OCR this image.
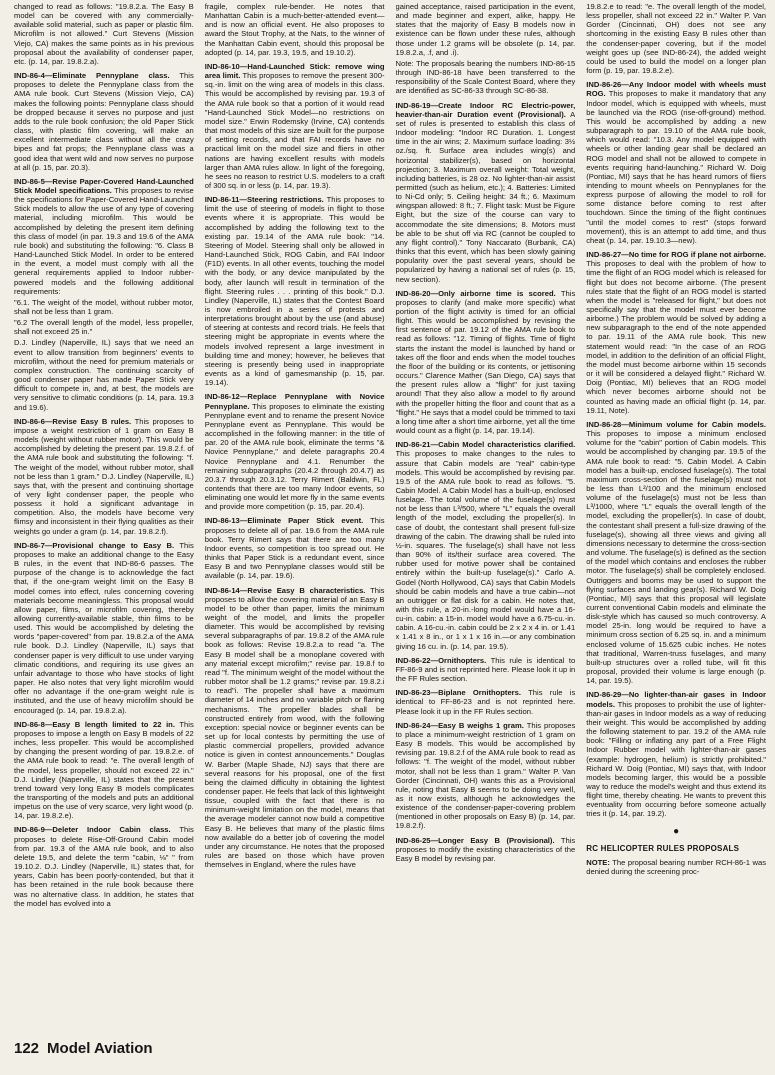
changed to read as follows: "19.8.2.a. The Easy B model can be covered with any commercially-available solid material, such as paper or plastic film. Microfilm is not allowed." Curt Stevens (Mission Viejo, CA) makes the same points as in his previous proposal about the availability of condenser paper, etc. (p. 14, par. 19.8.2.a).

IND-86-4—Eliminate Pennyplane class. This proposes to delete the Pennyplane class from the AMA rule book. Curt Stevens (Mission Viejo, CA) makes the following points: Pennyplane class should be dropped because it serves no purpose and just adds to the rule book confusion; the old Paper Stick class, with plastic film covering, will make an excellent intermediate class without all the crazy bipes and fat props; the Pennyplane class was a good idea that went wild and now serves no purpose at all (p. 15, par. 20.3).

IND-86-5—Revise Paper-Covered Hand-Launched Stick Model specifications. This proposes to revise the specifications for Paper-Covered Hand-Launched Stick models to allow the use of any type of covering material, including microfilm. This would be accomplished by deleting the present item defining this class of model (in par. 19.3 and 19.6 of the AMA rule book) and substituting the following: "6. Class B Hand-Launched Stick Model. In order to be entered in the event, a model must comply with all the general requirements applied to Indoor rubber-powered models and the following additional requirements:

"6.1. The weight of the model, without rubber motor, shall not be less than 1 gram.

"6.2 The overall length of the model, less propeller, shall not exceed 25 in."

D.J. Lindley (Naperville, IL) says that we need an event to allow transition from beginners' events to microfilm, without the need for premium materials or complex construction. The continuing scarcity of good condenser paper has made Paper Stick very difficult to compete in, and, at best, the models are very sensitive to climatic conditions (p. 14, para. 19.3 and 19.6).

IND-86-6—Revise Easy B rules. This proposes to impose a weight restriction of 1 gram on Easy B models (weight without rubber motor). This would be accomplished by deleting the present par. 19.8.2.f. of the AMA rule book and substituting the following: "f. The weight of the model, without rubber motor, shall not be less than 1 gram." D.J. Lindley (Naperville, IL) says that, with the present and continuing shortage of very light condenser paper, the people who possess it hold a significant advantage in competition. Also, the models have become very flimsy and inconsistent in their flying qualities as their weights go under a gram (p. 14, par. 19.8.2.f).

IND-86-7—Provisional change to Easy B. This proposes to make an additional change to the Easy B rules, in the event that IND-86-6 passes. The purpose of the change is to acknowledge the fact that, if the one-gram weight limit on the Easy B model comes into effect, rules concerning covering materials become meaningless. This proposal would allow paper, films, or microfilm covering, thereby allowing currently-available stable, thin films to be used. This would be accomplished by deleting the words "paper-covered" from par. 19.8.2.a of the AMA rule book. D.J. Lindley (Naperville, IL) says that condenser paper is very difficult to use under varying climatic conditions, and requiring its use gives an unfair advantage to those who have stocks of light paper. He also notes that very light microfilm would offer no advantage if the one-gram weight rule is instituted, and the use of heavy microfilm should be encouraged (p. 14, par. 19.8.2.a).

IND-86-8—Easy B length limited to 22 in. This proposes to impose a length on Easy B models of 22 inches, less propeller. This would be accomplished by changing the present wording of par. 19.8.2.e. of the AMA rule book to read: "e. The overall length of the model, less propeller, should not exceed 22 in." D.J. Lindley (Naperville, IL) states that the present trend toward very long Easy B models complicates the transporting of the models and puts an additional impetus on the use of very scarce, very light wood (p. 14, par. 19.8.2.e).

IND-86-9—Deleter Indoor Cabin class. This proposes to delete Rise-Off-Ground Cabin model from par. 19.3 of the AMA rule book, and to also delete 19.5, and delete the term "cabin, ⅛" " from 19.10.2. D.J. Lindley (Naperville, IL) states that, for years, Cabin has been poorly-contended, but that it has been retained in the rule book because there was no alternative class. In addition, he states that the model has evolved into a

fragile, complex rule-bender. He notes that Manhattan Cabin is a much-better-attended event—and is now an official event. He also proposes to award the Stout Trophy, at the Nats, to the winner of the Manhattan Cabin event, should this proposal be adopted (p. 14, par. 19.3, 19.5, and 19.10.2).

IND-86-10—Hand-Launched Stick: remove wing area limit. This proposes to remove the present 300-sq.-in. limit on the wing area of models in this class. This would be accomplished by revising par. 19.3 of the AMA rule book so that a portion of it would read "Hand-Launched Stick Model—no restrictions on model size." Erwin Rodemsky (Irvine, CA) contends that most models of this size are built for the purpose of setting records, and that FAI records have no practical limit on the model size and fliers in other nations are having excellent results with models larger than AMA rules allow. In light of the foregoing, he sees no reason to restrict U.S. modelers to a craft of 300 sq. in or less (p. 14, par. 19.3).

IND-86-11—Steering restrictions. This proposes to limit the use of steering of models in flight to those events where it is appropriate. This would be accomplished by adding the following text to the existing par. 19.14 of the AMA rule book: "14. Steering of Model. Steering shall only be allowed in Hand-Launched Stick, ROG Cabin, and FAI Indoor (F1D) events. In all other events, touching the model with the body, or any device manipulated by the body, after launch will result in termination of the flight. Steering rules . . . printing of this book." D.J. Lindley (Naperville, IL) states that the Contest Board is now embroiled in a series of protests and interpretations brought about by the use (and abuse) of steering at contests and record trials. He feels that steering might be appropriate in events where the models involved represent a large investment in building time and money; however, he believes that steering is presently being used in inappropriate events as a kind of gamesmanship (p. 15, par. 19.14).

IND-86-12—Replace Pennyplane with Novice Pennyplane. This proposes to eliminate the existing Pennyplane event and to rename the present Novice Pennyplane event as Pennyplane. This would be accomplished in the following manner: in the title of par. 20 of the AMA rule book, eliminate the terms "& Novice Pennyplane," and delete paragraphs 20.4 Novice Pennyplane and 4.1. Renumber the remaining subparagraphs (20.4.2 through 20.4.7) as 20.3.7 through 20.3.12. Terry Rimert (Baldwin, FL) contends that there are too many Indoor events, so eliminating one would let more fly in the same events and provide more competition (p. 15, par. 20.4).

IND-86-13—Eliminate Paper Stick event. This proposes to delete all of par. 19.6 from the AMA rule book. Terry Rimert says that there are too many Indoor events, so competition is too spread out. He thinks that Paper Stick is a redundant event, since Easy B and two Pennyplane classes would still be available (p. 14, par. 19.6).

IND-86-14—Revise Easy B characteristics. This proposes to allow the covering material of an Easy B model to be other than paper, limits the minimum weight of the model, and limits the propeller diameter. This would be accomplished by revising several subparagraphs of par. 19.8.2 of the AMA rule book as follows: Revise 19.8.2.a to read "a. The Easy B model shall be a monoplane covered with any material except microfilm;" revise par. 19.8.f to read "f. The minimum weight of the model without the rubber motor shall be 1.2 grams;" revise par. 19.8.2.i to read"i. The propeller shall have a maximum diameter of 14 inches and no variable pitch or flaring mechanisms. The propeller blades shall be constructed entirely from wood, with the following exception: special novice or beginner events can be set up for local contests by permitting the use of plastic commercial propellers, provided advance notice is given in contest announcements." Douglas W. Barber (Maple Shade, NJ) says that there are several reasons for his proposal, one of the first being the claimed difficulty in obtaining the lightest condenser paper. He feels that lack of this lightweight tissue, coupled with the fact that there is no minimum-weight limitation on the model, means that the average modeler cannot now build a competitive Easy B. He believes that many of the plastic films now available do a better job of covering the model under any circumstance. He notes that the proposed rules are based on those which have proven themselves in England, where the rules have

gained acceptance, raised participation in the event, and made beginner and expert, alike, happy. He states that the majority of Easy B models now in existence can be flown under these rules, although those under 1.2 grams will be obsolete (p. 14, par. 19.8.2.a, .f, and .i).

Note: The proposals bearing the numbers IND-86-15 through IND-86-18 have been transferred to the responsibility of the Scale Contest Board, where they are identified as SC-86-33 through SC-86-38.

IND-86-19—Create Indoor RC Electric-power, heavier-than-air Duration event (Provisional). A set of rules is presented to establish this class of Indoor modeling: "Indoor RC Duration. 1. Longest time in the air wins; 2. Maximum surface loading: 3½ oz./sq. ft. Surface area includes wing(s) and horizontal stabilizer(s), based on horizontal projection; 3. Maximum overall weight: Total weight, including batteries, is 28 oz. No lighter-than-air assist permitted (such as helium, etc.); 4. Batteries: Limited to Ni-Cd only; 5. Ceiling height: 34 ft.; 6. Maximum wingspan allowed: 8 ft.; 7. Flight task: Must be Figure Eight, but the size of the course can vary to accommodate the site dimensions; 8. Motors must be able to be shut off via RC (cannot be coupled to any flight control)." Tony Naccarato (Burbank, CA) thinks that this event, which has been slowly gaining popularity over the past several years, should be popularized by having a national set of rules (p. 15, new section).

IND-86-20—Only airborne time is scored. This proposes to clarify (and make more specific) what portion of the flight activity is timed for an official flight. This would be accomplished by revising the first sentence of par. 19.12 of the AMA rule book to read as follows: "12. Timing of flights. Time of flight starts the instant the model is launched by hand or takes off the floor and ends when the model touches the floor of the building or its contents, or jettisoning occurs." Clarence Mather (San Diego, CA) says that the present rules allow a "flight" for just taxiing around! That they also allow a model to fly around with the propeller hitting the floor and count that as a "flight." He says that a model could be trimmed to taxi a long time after a short time airborne, yet all the time would count as a flight (p. 14, par. 19.14).

IND-86-21—Cabin Model characteristics clarified. This proposes to make changes to the rules to assure that Cabin models are "real" cabin-type models. This would be accomplished by revising par. 19.5 of the AMA rule book to read as follows. "5. Cabin Model. A Cabin Model has a built-up, enclosed fuselage. The total volume of the fuselage(s) must not be less than L³/500, where "L" equals the overall length of the model, excluding the propeller(s). In case of doubt, the contestant shall present full-size drawing of the cabin. The drawing shall be ruled into ½-in. squares. The fuselage(s) shall have not less than 90% of its/their surface area covered. The rubber used for motive power shall be contained entirely within the built-up fuselage(s)." Carlo A. Godel (North Hollywood, CA) says that Cabin Models should be cabin models and have a true cabin—not an outrigger or flat disk for a cabin. He notes that, with this rule, a 20-in.-long model would have a 16-cu-in. cabin: a 15-in. model would have a 6.75-cu.-in. cabin. A 16-cu.-in. cabin could be 2 x 2 x 4 in. or 1.41 x 1.41 x 8 in., or 1 x 1 x 16 in.—or any combination giving 16 cu. in. (p. 14, par. 19.5).

IND-86-22—Ornithopters. This rule is identical to FF-86-9 and is not reprinted here. Please look it up in the FF Rules section.

IND-86-23—Biplane Ornithopters. This rule is identical to FF-86-23 and is not reprinted here. Please look it up in the FF Rules section.

IND-86-24—Easy B weighs 1 gram. This proposes to place a minimum-weight restriction of 1 gram on Easy B models. This would be accomplished by revising par. 19.8.2.f of the AMA rule book to read as follows: "f. The weight of the model, without rubber motor, shall not be less than 1 gram." Walter P. Van Gorder (Cincinnati, OH) wants this as a Provisional rule, noting that Easy B seems to be doing very well, as it now exists, although he acknowledges the existence of the condenser-paper-covering problem (mentioned in other proposals on Easy B) (p. 14, par. 19.8.2.f).

IND-86-25—Longer Easy B (Provisional). This proposes to modify the existing characteristics of the Easy B model by revising par.

19.8.2.e to read: "e. The overall length of the model, less propeller, shall not exceed 22 in." Walter P. Van Gorder (Cincinnati, OH) does not see any shortcoming in the existing Easy B rules other than the condenser-paper covering, but if the model weight goes up (see IND-86-24), the added weight could be used to build the model on a longer plan form (p. 19, par. 19.8.2.e).

IND-86-26—Any Indoor model with wheels must ROG. This proposes to make it mandatory that any Indoor model, which is equipped with wheels, must be launched via the ROG (rise-off-ground) method. This would be accomplished by adding a new subparagraph to par. 19.10 of the AMA rule book, which would read: "10.3. Any model equipped with wheels or other landing gear shall be declared an ROG model and shall not be allowed to compete in events requiring hand-launching." Richard W. Doig (Pontiac, MI) says that he has heard rumors of fliers intending to mount wheels on Pennyplanes for the express purpose of allowing the model to roll for some distance before coming to rest after touchdown. Since the timing of the flight continues "until the model comes to rest" (stops forward movement), this is an attempt to add time, and thus cheat (p. 14, par. 19.10.3—new).

IND-86-27—No time for ROG if plane not airborne. This proposes to deal with the problem of how to time the flight of an ROG model which is released for flight but does not become airborne. (The present rules state that the flight of an ROG model is started when the model is "released for flight," but does not specifically say that the model must ever become airborne.) The problem would be solved by adding a new subparagraph to the end of the note appended to par. 19.11 of the AMA rule book. This new statement would read: "In the case of an ROG model, in addition to the definition of an official Flight, the model must become airborne within 15 seconds or it will be considered a delayed flight." Richard W. Doig (Pontiac, MI) believes that an ROG model which never becomes airborne should not be counted as having made an official flight (p. 14, par. 19.11, Note).

IND-86-28—Minimum volume for Cabin models. This proposes to impose a minimum enclosed volume for the "cabin" portion of Cabin models. This would be accomplished by changing par. 19.5 of the AMA rule book to read: "5. Cabin Model. A Cabin model has a built-up, enclosed fuselage(s). The total maximum cross-section of the fuselage(s) must not be less than L²/100 and the minimum enclosed volume of the fuselage(s) must not be less than L³/1000, where "L" equals the overall length of the model, excluding the propeller(s). In case of doubt, the contestant shall present a full-size drawing of the fuselage(s), showing all three views and giving all dimensions necessary to determine the cross-section and volume. The fuselage(s) is defined as the section of the model which contains and encloses the rubber motor. The fuselage(s) shall be completely enclosed. Outriggers and booms may be used to support the flying surfaces and landing gear(s). Richard W. Doig (Pontiac, MI) says that this proposal will legislate current conventional Cabin models and eliminate the disk-style which has caused so much controversy. A model 25-in. long would be required to have a minimum cross section of 6.25 sq. in. and a minimum enclosed volume of 15.625 cubic inches. He notes that traditional, Warren-truss fuselages, and many built-up structures over a rolled tube, will fit this proposal, provided their volume is large enough (p. 14, par. 19.5).

IND-86-29—No lighter-than-air gases in Indoor models. This proposes to prohibit the use of lighter-than-air gases in Indoor models as a way of reducing their weight. This would be accomplished by adding the following statement to par. 19.2 of the AMA rule book: "Filling or inflating any part of a Free Flight Indoor Rubber model with lighter-than-air gases (example: hydrogen, helium) is strictly prohibited." Richard W. Doig (Pontiac, MI) says that, with Indoor models becoming larger, this would be a possible way to reduce the model's weight and thus extend its flight time, thereby cheating. He wants to prevent this eventuality from occurring before someone actually tries it (p. 14, par. 19.2).

●
RC HELICOPTER RULES PROPOSALS

NOTE: The proposal bearing number RCH-86-1 was denied during the screening proc-

122 Model Aviation
